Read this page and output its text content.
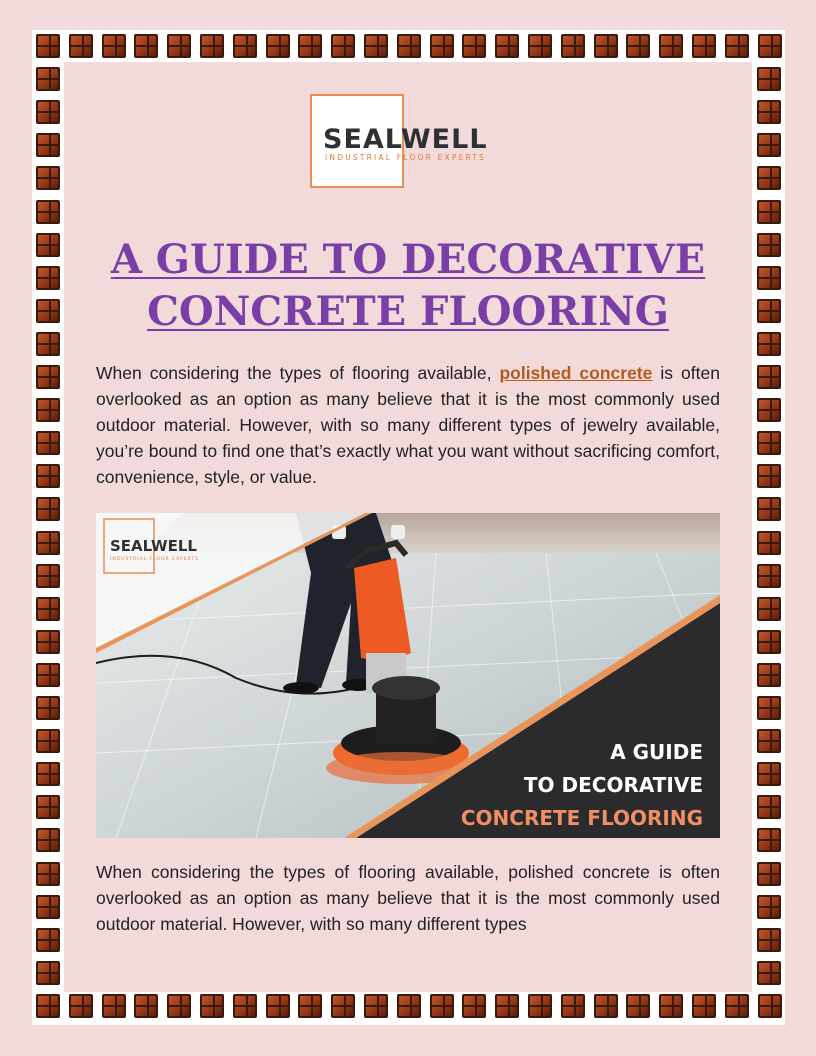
SEALWELL
INDUSTRIAL FLOOR EXPERTS
A GUIDE TO DECORATIVE CONCRETE FLOORING

When considering the types of flooring available, polished concrete is often overlooked as an option as many believe that it is the most commonly used outdoor material. However, with so many different types of jewelry available, you’re bound to find one that’s exactly what you want without sacrificing comfort, convenience, style, or value.

SEALWELL
INDUSTRIAL FLOOR EXPERTS
A GUIDE
TO DECORATIVE
CONCRETE FLOORING

When considering the types of flooring available, polished concrete is often overlooked as an option as many believe that it is the most commonly used outdoor material. However, with so many different types
